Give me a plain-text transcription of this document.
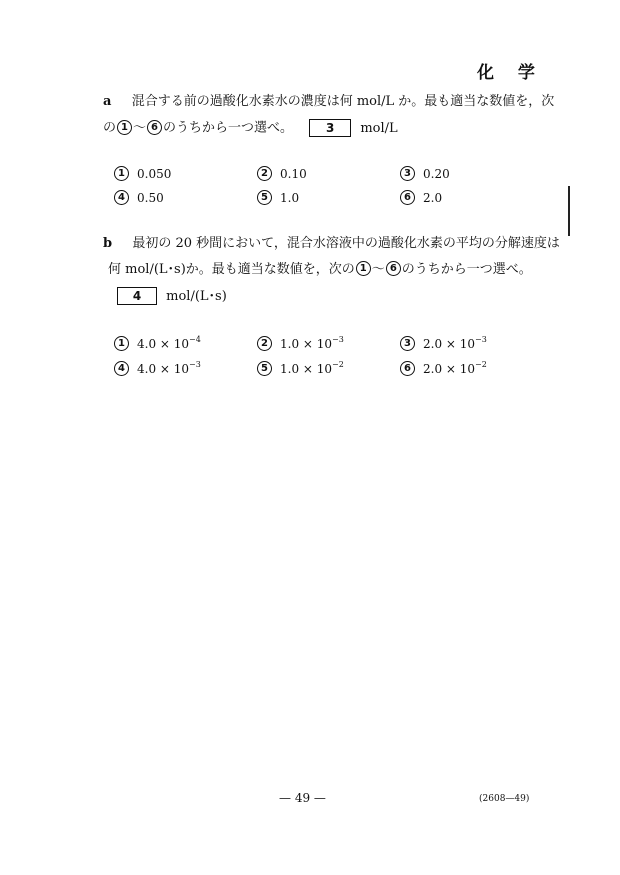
化 学
a 混合する前の過酸化水素水の濃度は何 mol/L か。最も適当な数値を，次
の 1 〜 6 のうちから一つ選べ。	3 mol/L
1 0.050	2 0.10	3 0.20
4 0.50	5 1.0	6 2.0
b 最初の 20 秒間において，混合水溶液中の過酸化水素の平均の分解速度は
何 mol/(L･s)か。最も適当な数値を，次の 1 〜 6 のうちから一つ選べ。
4 mol/(L･s)
1 $4.0 \times 10^{-4}$	2 $1.0 \times 10^{-3}$	3 $2.0 \times 10^{-3}$
4 $4.0 \times 10^{-3}$	5 $1.0 \times 10^{-2}$	6 $2.0 \times 10^{-2}$
— 49 —	(2608—49)
